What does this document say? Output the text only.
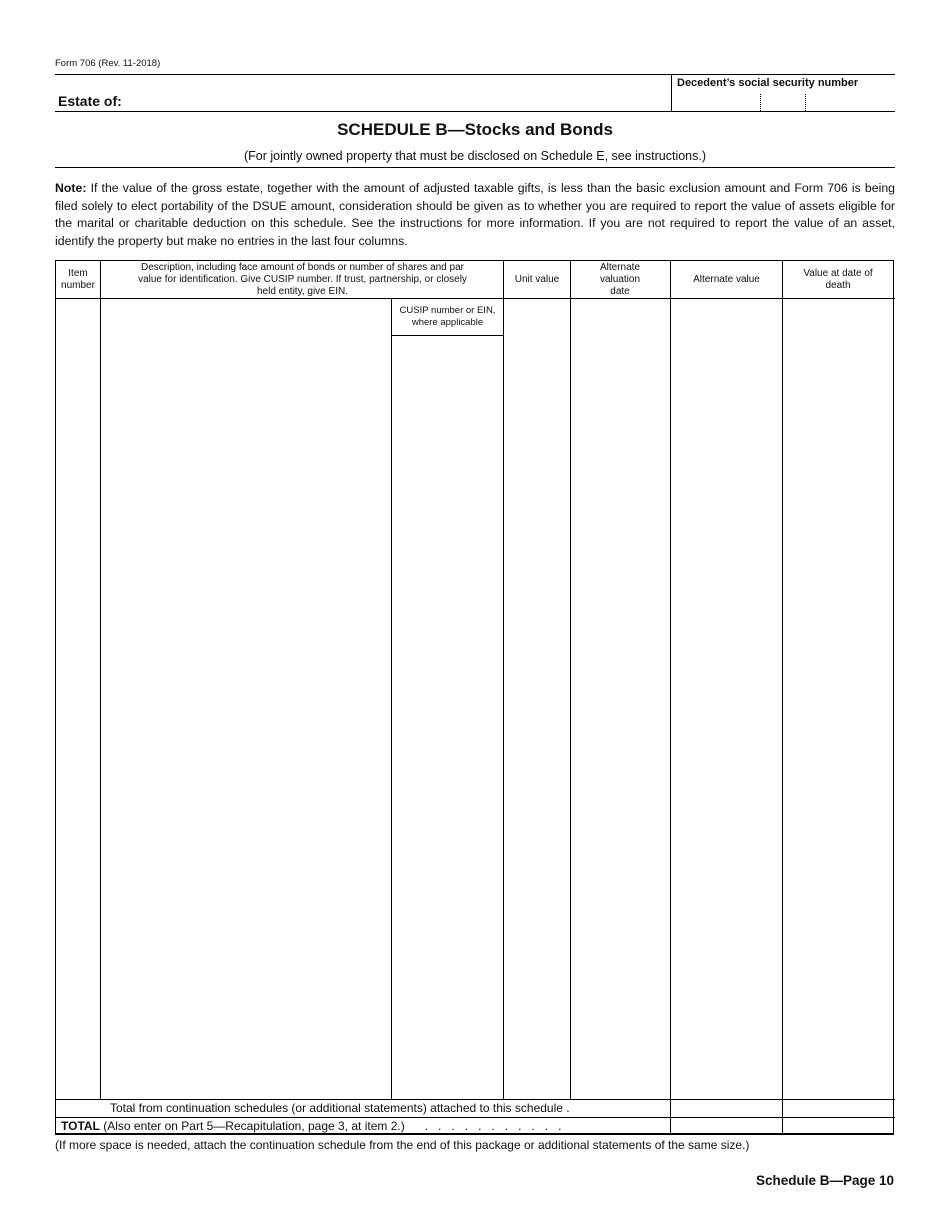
Form 706 (Rev. 11-2018)
Estate of:
Decedent’s social security number
SCHEDULE B—Stocks and Bonds
(For jointly owned property that must be disclosed on Schedule E, see instructions.)
Note: If the value of the gross estate, together with the amount of adjusted taxable gifts, is less than the basic exclusion amount and Form 706 is being filed solely to elect portability of the DSUE amount, consideration should be given as to whether you are required to report the value of assets eligible for the marital or charitable deduction on this schedule. See the instructions for more information. If you are not required to report the value of an asset, identify the property but make no entries in the last four columns.
Item number
Description, including face amount of bonds or number of shares and par value for identification. Give CUSIP number. If trust, partnership, or closely held entity, give EIN.
Unit value
Alternate valuation date
Alternate value
Value at date of death
CUSIP number or EIN, where applicable
Total from continuation schedules (or additional statements) attached to this schedule .
TOTAL (Also enter on Part 5—Recapitulation, page 3, at item 2.)      .   .   .   .   .   .   .   .   .   .   .
(If more space is needed, attach the continuation schedule from the end of this package or additional statements of the same size.)
Schedule B—Page 10
